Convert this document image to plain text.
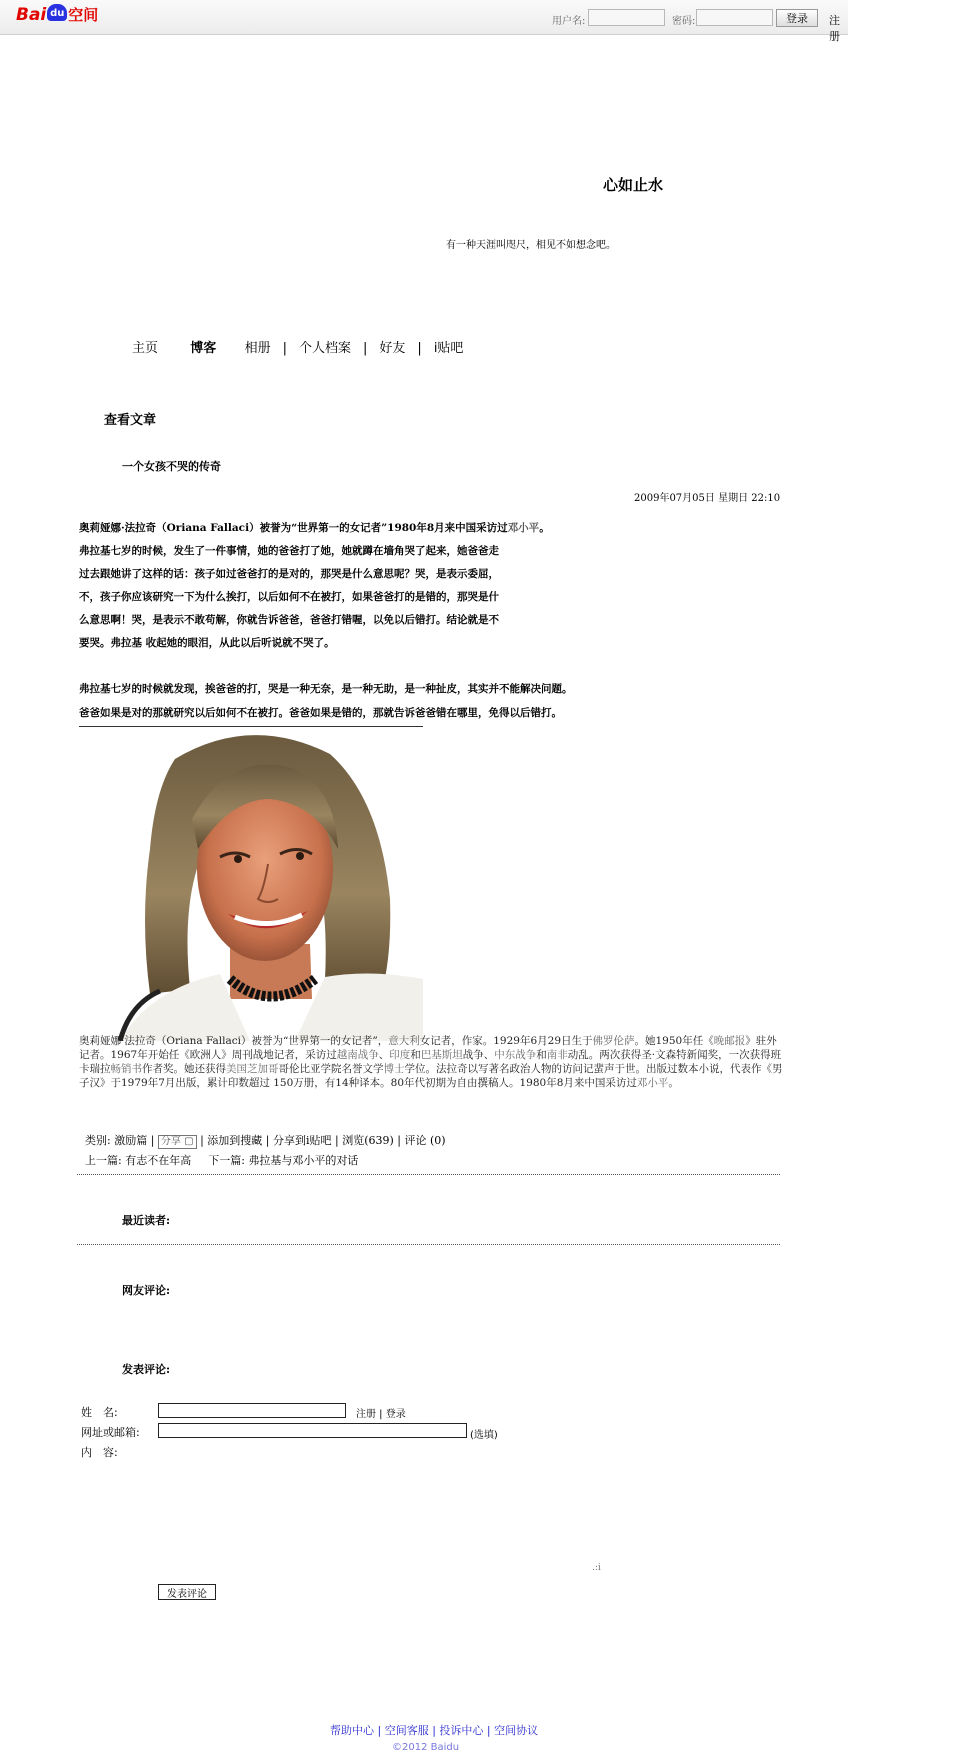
Bai du 空间	用户名:	密码:	登录	注册
心如止水
有一种天涯叫咫尺，相见不如想念吧。
主页 博客 相册 | 个人档案 | 好友 | i贴吧
查看文章
一个女孩不哭的传奇
2009年07月05日 星期日 22:10
奥莉娅娜·法拉奇（Oriana Fallaci）被誉为“世界第一的女记者”1980年8月来中国采访过邓小平。
弗拉基七岁的时候，发生了一件事情，她的爸爸打了她，她就蹲在墙角哭了起来，她爸爸走
过去跟她讲了这样的话：孩子如过爸爸打的是对的，那哭是什么意思呢？哭，是表示委屈，
不，孩子你应该研究一下为什么挨打，以后如何不在被打，如果爸爸打的是错的，那哭是什
么意思啊！哭，是表示不敢苟解，你就告诉爸爸，爸爸打错喔，以免以后错打。结论就是不
要哭。弗拉基 收起她的眼泪，从此以后听说就不哭了。
弗拉基七岁的时候就发现，挨爸爸的打，哭是一种无奈，是一种无助，是一种扯皮，其实并不能解决问题。
爸爸如果是对的那就研究以后如何不在被打。爸爸如果是错的，那就告诉爸爸错在哪里，免得以后错打。
奥莉娅娜·法拉奇（Oriana Fallaci）被誉为“世界第一的女记者”，意大利女记者，作家。1929年6月29日生于佛罗伦萨。她1950年任《晚邮报》驻外
记者。1967年开始任《欧洲人》周刊战地记者，采访过越南战争、印度和巴基斯坦战争、中东战争和南非动乱。两次获得圣·文森特新闻奖，一次获得班
卡瑞拉畅销书作者奖。她还获得美国芝加哥哥伦比亚学院名誉文学博士学位。法拉奇以写著名政治人物的访问记蜚声于世。出版过数本小说，代表作《男
子汉》于1979年7月出版，累计印数超过 150万册，有14种译本。80年代初期为自由撰稿人。1980年8月来中国采访过邓小平。
类别: 激励篇 | 分享 ▢ | 添加到搜藏 | 分享到i贴吧 | 浏览(639) | 评论 (0)
上一篇: 有志不在年高 下一篇: 弗拉基与邓小平的对话
最近读者:
网友评论:
发表评论:
姓　名:	注册 | 登录
网址或邮箱:	(选填)
内　容:
.:i
发表评论
帮助中心 | 空间客服 | 投诉中心 | 空间协议
©2012 Baidu
